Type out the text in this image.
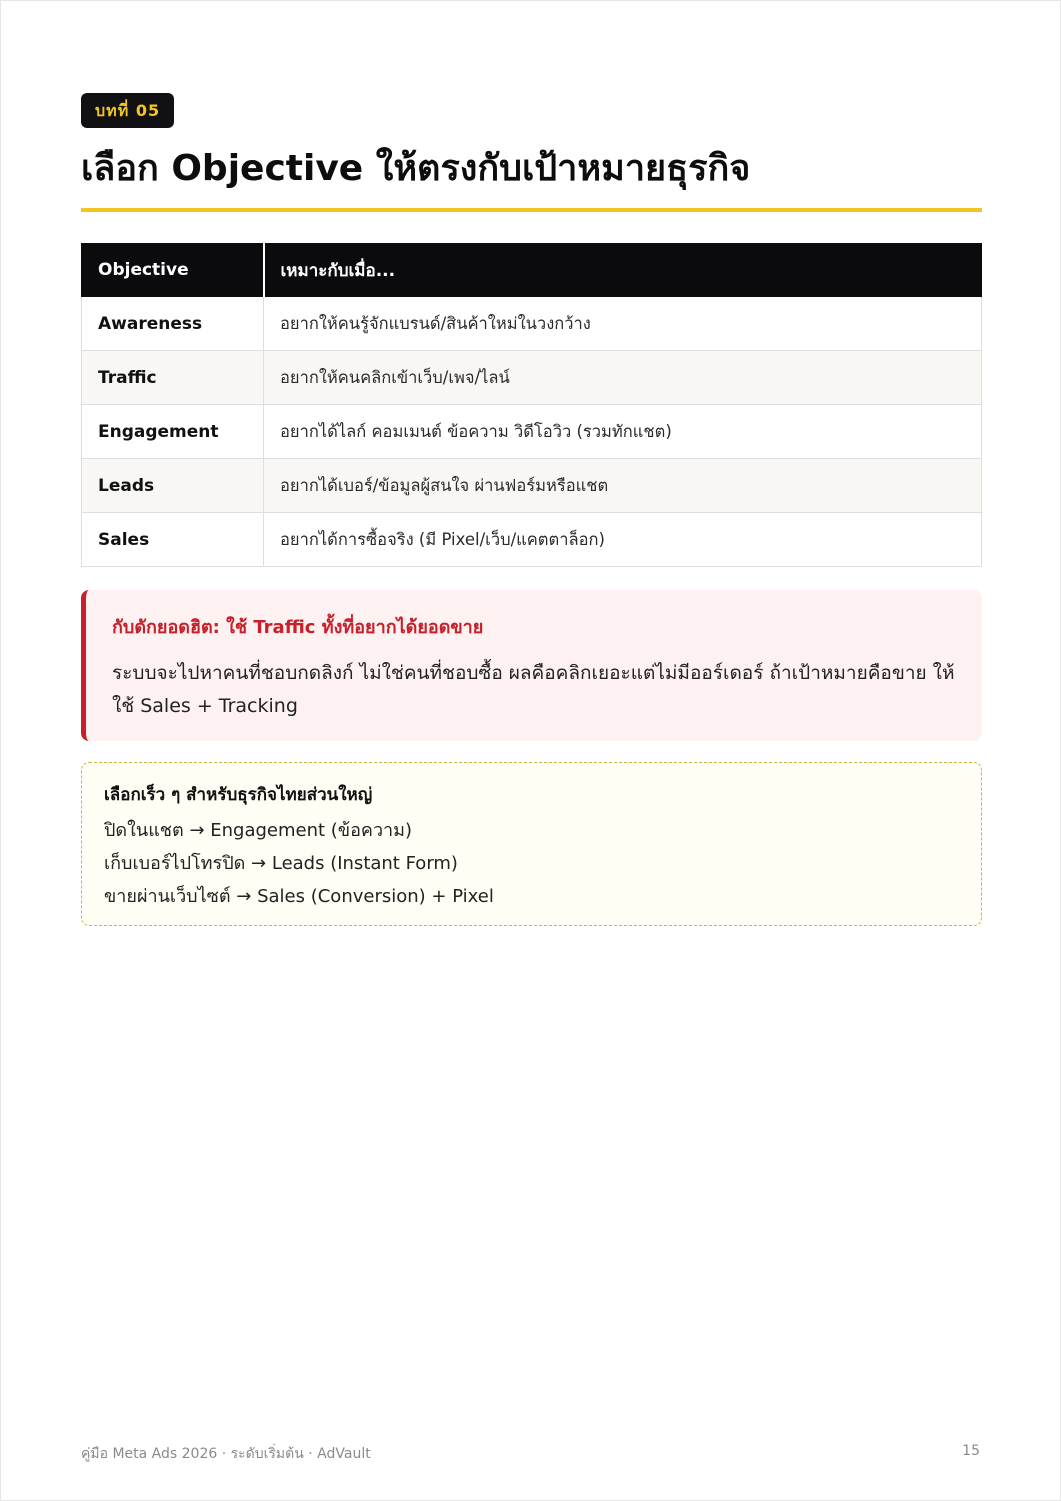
บทที่ 05
เลือก Objective ให้ตรงกับเป้าหมายธุรกิจ
Objective	เหมาะกับเมื่อ...
Awareness	อยากให้คนรู้จักแบรนด์/สินค้าใหม่ในวงกว้าง
Traffic	อยากให้คนคลิกเข้าเว็บ/เพจ/ไลน์
Engagement	อยากได้ไลก์ คอมเมนต์ ข้อความ วิดีโอวิว (รวมทักแชต)
Leads	อยากได้เบอร์/ข้อมูลผู้สนใจ ผ่านฟอร์มหรือแชต
Sales	อยากได้การซื้อจริง (มี Pixel/เว็บ/แคตตาล็อก)

กับดักยอดฮิต: ใช้ Traffic ทั้งที่อยากได้ยอดขาย

ระบบจะไปหาคนที่ชอบกดลิงก์ ไม่ใช่คนที่ชอบซื้อ ผลคือคลิกเยอะแต่ไม่มีออร์เดอร์ ถ้าเป้าหมายคือขาย ให้ใช้ Sales + Tracking

เลือกเร็ว ๆ สำหรับธุรกิจไทยส่วนใหญ่

ปิดในแชต → Engagement (ข้อความ)

เก็บเบอร์ไปโทรปิด → Leads (Instant Form)

ขายผ่านเว็บไซต์ → Sales (Conversion) + Pixel

คู่มือ Meta Ads 2026 · ระดับเริ่มต้น · AdVault	15
